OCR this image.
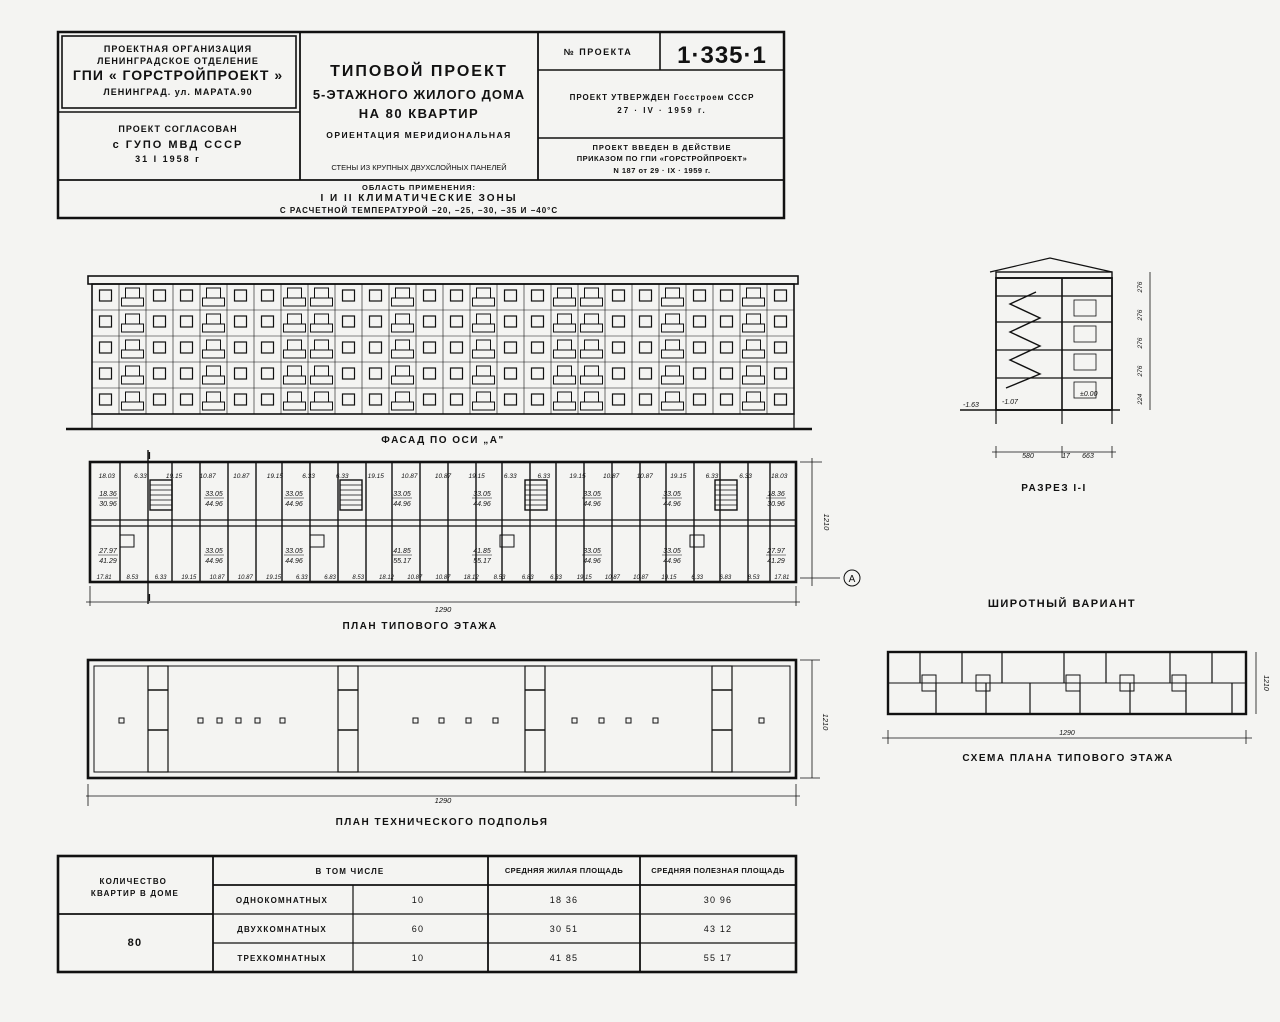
ПРОЕКТНАЯ ОРГАНИЗАЦИЯ
ЛЕНИНГРАДСКОЕ ОТДЕЛЕНИЕ
ГПИ « ГОРСТРОЙПРОЕКТ »
ЛЕНИНГРАД. ул. МАРАТА.90
ПРОЕКТ СОГЛАСОВАН
с ГУПО МВД СССР
31 I 1958 г
ТИПОВОЙ ПРОЕКТ
5-ЭТАЖНОГО ЖИЛОГО ДОМА
НА 80 КВАРТИР
ОРИЕНТАЦИЯ МЕРИДИОНАЛЬНАЯ
СТЕНЫ ИЗ КРУПНЫХ ДВУХСЛОЙНЫХ ПАНЕЛЕЙ
№ ПРОЕКТА 1·335·1
ПРОЕКТ УТВЕРЖДЕН Госстроем СССР
27 · IV · 1959 г.
ПРОЕКТ ВВЕДЕН В ДЕЙСТВИЕ
ПРИКАЗОМ ПО ГПИ «ГОРСТРОЙПРОЕКТ»
N 187 от 29 · IX · 1959 г.
ОБЛАСТЬ ПРИМЕНЕНИЯ:
I И II КЛИМАТИЧЕСКИЕ ЗОНЫ
С РАСЧЕТНОЙ ТЕМПЕРАТУРОЙ −20, −25, −30, −35 И −40°С
ФАСАД ПО ОСИ „А"
А
I
I
1290
1210
18.03	6.33	19.15	10.87	10.87	19.15	6.33	6.33	19.15	10.87	10.87	19.15	6.33	6.33	19.15	10.87	10.87	19.15	6.33	6.33	18.03
17.81 8.53	6.33 19.15 10.87 10.87 19.15 6.33	6.83	8.53 18.12 10.87 10.87 18.12 8.53	6.83	6.33 19.15 10.87 10.87 19.15 6.33	6.83	8.53 17.81
18.36
30.96
33.05
44.96
33.05
44.96
33.05
44.96
33.05
44.96
33.05
44.96
33.05
44.96
18.36
30.96
27.97
41.29
33.05
44.96
33.05
44.96
41.85
55.17
41.85
55.17
33.05
44.96
33.05
44.96
27.97
41.29
ПЛАН ТИПОВОГО ЭТАЖА
1290
1210
ПЛАН ТЕХНИЧЕСКОГО ПОДПОЛЬЯ
580	17 663
-1.63	-1.07
±0.00	224
276
276
276
276
РАЗРЕЗ I-I
ШИРОТНЫЙ ВАРИАНТ
1290
1210
СХЕМА ПЛАНА ТИПОВОГО ЭТАЖА
КОЛИЧЕСТВО КВАРТИР В ДОМЕ
В ТОМ ЧИСЛЕ	СРЕДНЯЯ ЖИЛАЯ ПЛОЩАДЬ	СРЕДНЯЯ ПОЛЕЗНАЯ ПЛОЩАДЬ
80
ОДНОКОМНАТНЫХ	10	18 36	30 96
ДВУХКОМНАТНЫХ	60	30 51	43 12
ТРЕХКОМНАТНЫХ	10	41 85	55 17
